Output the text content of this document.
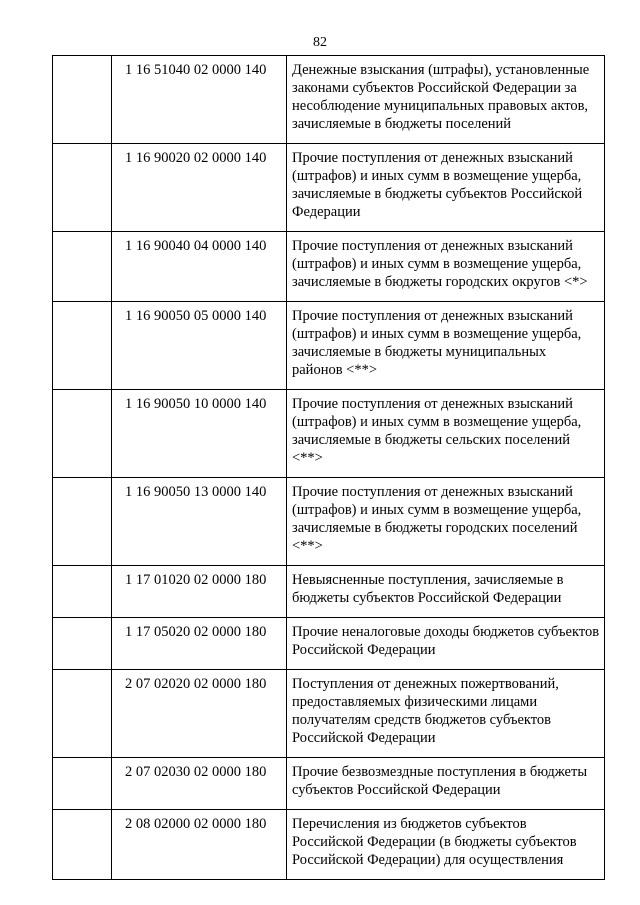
82
	1 16 51040 02 0000 140	Денежные взыскания (штрафы), установленные законами субъектов Российской Федерации за несоблюдение муниципальных правовых актов, зачисляемые в бюджеты поселений
	1 16 90020 02 0000 140	Прочие поступления от денежных взысканий (штрафов) и иных сумм в возмещение ущерба, зачисляемые в бюджеты субъектов Российской Федерации
	1 16 90040 04 0000 140	Прочие поступления от денежных взысканий (штрафов) и иных сумм в возмещение ущерба, зачисляемые в бюджеты городских округов <*>
	1 16 90050 05 0000 140	Прочие поступления от денежных взысканий (штрафов) и иных сумм в возмещение ущерба, зачисляемые в бюджеты муниципальных районов <**>
	1 16 90050 10 0000 140	Прочие поступления от денежных взысканий (штрафов) и иных сумм в возмещение ущерба, зачисляемые в бюджеты сельских поселений <**>
	1 16 90050 13 0000 140	Прочие поступления от денежных взысканий (штрафов) и иных сумм в возмещение ущерба, зачисляемые в бюджеты городских поселений <**>
	1 17 01020 02 0000 180	Невыясненные поступления, зачисляемые в бюджеты субъектов Российской Федерации
	1 17 05020 02 0000 180	Прочие неналоговые доходы бюджетов субъектов Российской Федерации
	2 07 02020 02 0000 180	Поступления от денежных пожертвований, предоставляемых физическими лицами получателям средств бюджетов субъектов Российской Федерации
	2 07 02030 02 0000 180	Прочие безвозмездные поступления в бюджеты субъектов Российской Федерации
	2 08 02000 02 0000 180	Перечисления из бюджетов субъектов Российской Федерации (в бюджеты субъектов Российской Федерации) для осуществления
